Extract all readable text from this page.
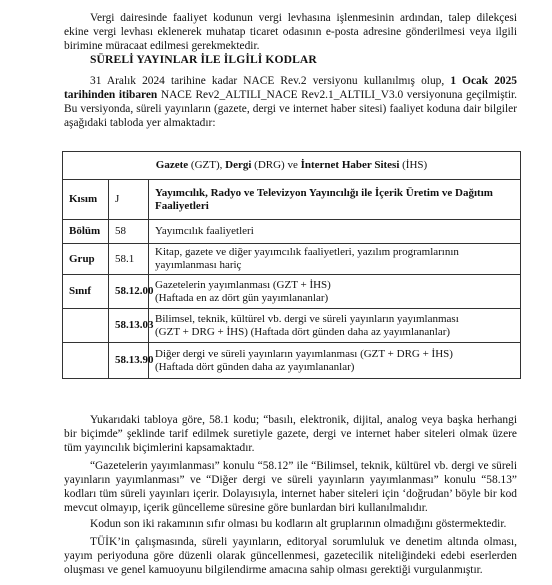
Vergi dairesinde faaliyet kodunun vergi levhasına işlenmesinin ardından, talep dilekçesi ekine vergi levhası eklenerek muhatap ticaret odasının e-posta adresine gönderilmesi veya ilgili birimine müracaat edilmesi gerekmektedir.

SÜRELİ YAYINLAR İLE İLGİLİ KODLAR

31 Aralık 2024 tarihine kadar NACE Rev.2 versiyonu kullanılmış olup, 1 Ocak 2025 tarihinden itibaren NACE Rev2_ALTILI_NACE Rev2.1_ALTILI_V3.0 versiyonuna geçilmiştir. Bu versiyonda, süreli yayınların (gazete, dergi ve internet haber sitesi) faaliyet koduna dair bilgiler aşağıdaki tabloda yer almaktadır:

Gazete (GZT), Dergi (DRG) ve İnternet Haber Sitesi (İHS)		
Kısım	J	Yayımcılık, Radyo ve Televizyon Yayıncılığı ile İçerik Üretim ve Dağıtım Faaliyetleri
Bölüm	58	Yayımcılık faaliyetleri
Grup	58.1	Kitap, gazete ve diğer yayımcılık faaliyetleri, yazılım programlarının yayımlanması hariç
Sınıf	58.12.00	Gazetelerin yayımlanması (GZT + İHS)
(Haftada en az dört gün yayımlananlar)
	58.13.03	Bilimsel, teknik, kültürel vb. dergi ve süreli yayınların yayımlanması
(GZT + DRG + İHS) (Haftada dört günden daha az yayımlananlar)
	58.13.90	Diğer dergi ve süreli yayınların yayımlanması (GZT + DRG + İHS)
(Haftada dört günden daha az yayımlananlar)

Yukarıdaki tabloya göre, 58.1 kodu; “basılı, elektronik, dijital, analog veya başka herhangi bir biçimde” şeklinde tarif edilmek suretiyle gazete, dergi ve internet haber siteleri olmak üzere tüm yayıncılık biçimlerini kapsamaktadır.

“Gazetelerin yayımlanması” konulu “58.12” ile “Bilimsel, teknik, kültürel vb. dergi ve süreli yayınların yayımlanması” ve “Diğer dergi ve süreli yayınların yayımlanması” konulu “58.13” kodları tüm süreli yayınları içerir. Dolayısıyla, internet haber siteleri için ‘doğrudan’ böyle bir kod mevcut olmayıp, içerik güncelleme süresine göre bunlardan biri kullanılmalıdır.

Kodun son iki rakamının sıfır olması bu kodların alt gruplarının olmadığını göstermektedir.

TÜİK’in çalışmasında, süreli yayınların, editoryal sorumluluk ve denetim altında olması, yayım periyoduna göre düzenli olarak güncellenmesi, gazetecilik niteliğindeki edebi eserlerden oluşması ve genel kamuoyunu bilgilendirme amacına sahip olması gerektiği vurgulanmıştır.
